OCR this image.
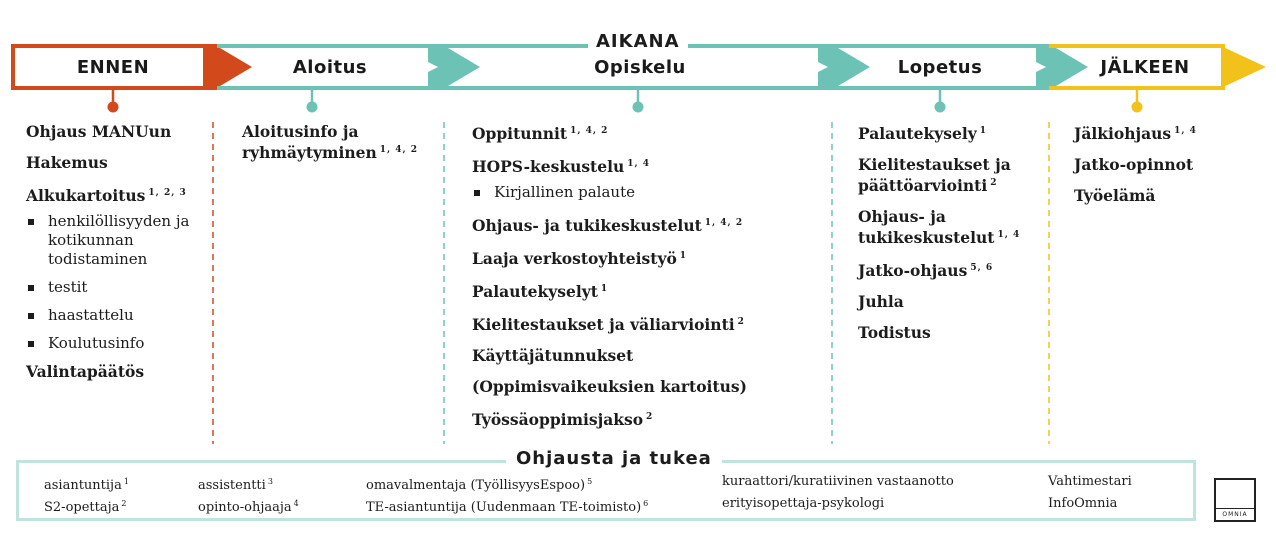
ENNEN
AIKANA
Aloitus	Opiskelu	Lopetus	JÄLKEEN
Ohjaus MANUun
Hakemus
Alkukartoitus $^{1, 2, 3}$
henkilöllisyyden ja kotikunnan todistaminen
testit
haastattelu
Koulutusinfo
Valintapäätös
Aloitusinfo ja
ryhmäytyminen $^{1, 4, 2}$
Oppitunnit $^{1, 4, 2}$
HOPS-keskustelu $^{1, 4}$
Kirjallinen palaute
Ohjaus- ja tukikeskustelut $^{1, 4, 2}$
Laaja verkostoyhteistyö $^1$
Palautekyselyt $^1$
Kielitestaukset ja väliarviointi $^2$
Käyttäjätunnukset
(Oppimisvaikeuksien kartoitus)
Työssäoppimisjakso $^2$
Palautekysely $^1$
Kielitestaukset ja
päättöarviointi $^2$
Ohjaus- ja
tukikeskustelut $^{1, 4}$
Jatko-ohjaus $^{5, 6}$
Juhla
Todistus
Jälkiohjaus $^{1, 4}$
Jatko-opinnot
Työelämä
Ohjausta ja tukea
asiantuntija $^1$
S2-opettaja $^2$
assistentti $^3$
opinto-ohjaaja $^4$
omavalmentaja (TyöllisyysEspoo) $^5$
TE-asiantuntija (Uudenmaan TE-toimisto) $^6$
kuraattori/kuratiivinen vastaanotto
erityisopettaja-psykologi
Vahtimestari
InfoOmnia
OMNIA
